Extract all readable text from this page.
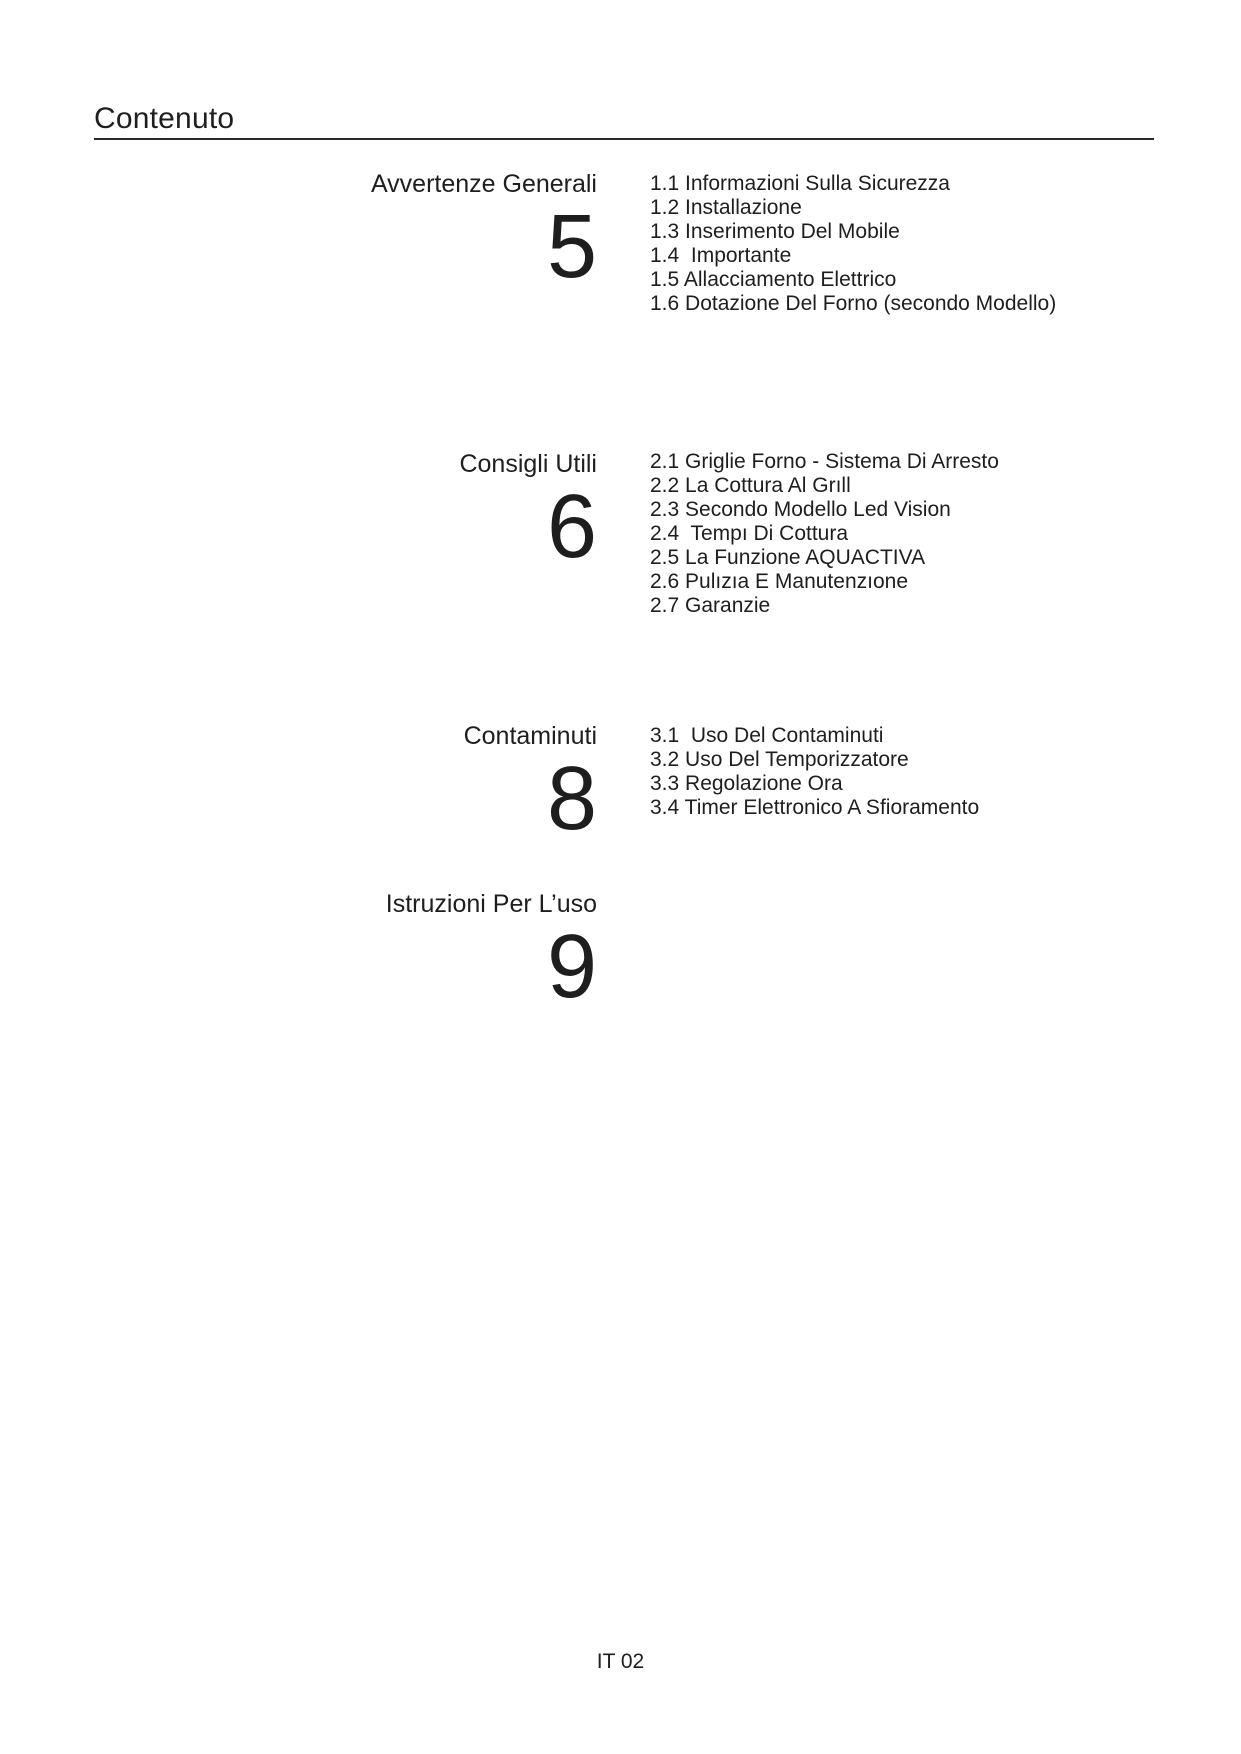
Contenuto
Avvertenze Generali
5
1.1 Informazioni Sulla Sicurezza
1.2 Installazione
1.3 Inserimento Del Mobile
1.4  Importante
1.5 Allacciamento Elettrico
1.6 Dotazione Del Forno (secondo Modello)
Consigli Utili
6
2.1 Griglie Forno - Sistema Di Arresto
2.2 La Cottura Al Grıll
2.3 Secondo Modello Led Vision
2.4  Tempı Di Cottura
2.5 La Funzione AQUACTIVA
2.6 Pulızıa E Manutenzıone
2.7 Garanzie
Contaminuti
8
3.1  Uso Del Contaminuti
3.2 Uso Del Temporizzatore
3.3 Regolazione Ora
3.4 Timer Elettronico A Sfioramento
Istruzioni Per L’uso
9
IT 02
